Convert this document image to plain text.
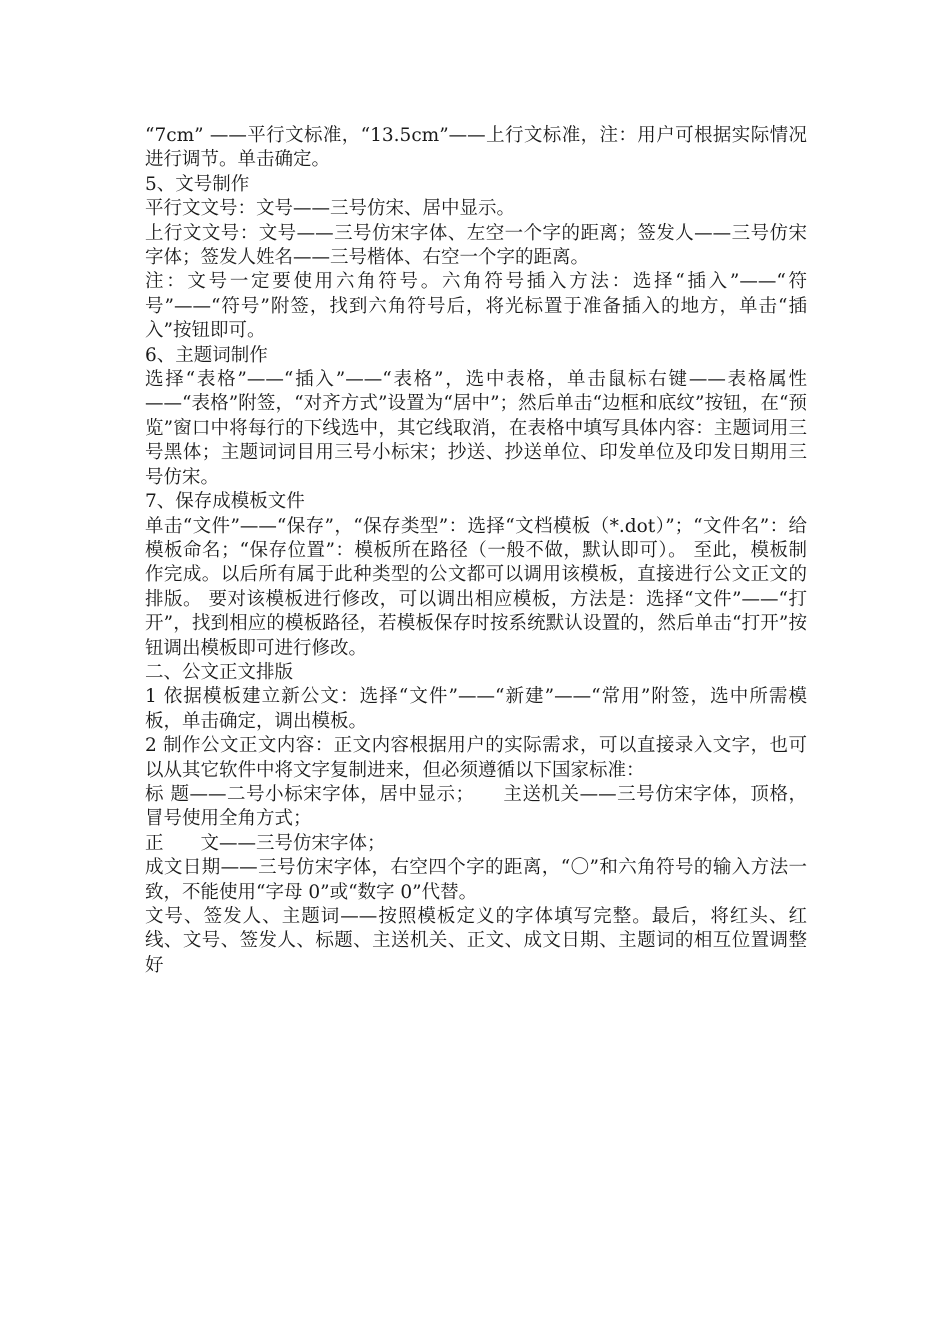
“7cm” ——平行文标准，“13.5cm”——上行文标准，注：用户可根据实际情况进行调节。单击确定。

5、文号制作

平行文文号：文号——三号仿宋、居中显示。

上行文文号：文号——三号仿宋字体、左空一个字的距离；签发人——三号仿宋字体；签发人姓名——三号楷体、右空一个字的距离。

注：文号一定要使用六角符号。六角符号插入方法：选择“插入”——“符号”——“符号”附签，找到六角符号后，将光标置于准备插入的地方，单击“插入”按钮即可。

6、主题词制作

选择“表格”——“插入”——“表格”，选中表格，单击鼠标右键——表格属性——“表格”附签，“对齐方式”设置为“居中”；然后单击“边框和底纹”按钮，在“预览”窗口中将每行的下线选中，其它线取消，在表格中填写具体内容：主题词用三号黑体；主题词词目用三号小标宋；抄送、抄送单位、印发单位及印发日期用三号仿宋。

7、保存成模板文件

单击“文件”——“保存”，“保存类型”：选择“文档模板（*.dot）”；“文件名”：给模板命名；“保存位置”：模板所在路径（一般不做，默认即可）。 至此，模板制作完成。以后所有属于此种类型的公文都可以调用该模板，直接进行公文正文的排版。 要对该模板进行修改，可以调出相应模板，方法是：选择“文件”——“打开”，找到相应的模板路径，若模板保存时按系统默认设置的，然后单击“打开”按钮调出模板即可进行修改。

二、公文正文排版

1 依据模板建立新公文：选择“文件”——“新建”——“常用”附签，选中所需模板，单击确定，调出模板。

2 制作公文正文内容：正文内容根据用户的实际需求，可以直接录入文字，也可以从其它软件中将文字复制进来，但必须遵循以下国家标准：

标 题——二号小标宋字体，居中显示；　　主送机关——三号仿宋字体，顶格，冒号使用全角方式；

正　　文——三号仿宋字体；

成文日期——三号仿宋字体，右空四个字的距离，“〇”和六角符号的输入方法一致，不能使用“字母 0”或“数字 0”代替。

文号、签发人、主题词——按照模板定义的字体填写完整。最后，将红头、红线、文号、签发人、标题、主送机关、正文、成文日期、主题词的相互位置调整好
